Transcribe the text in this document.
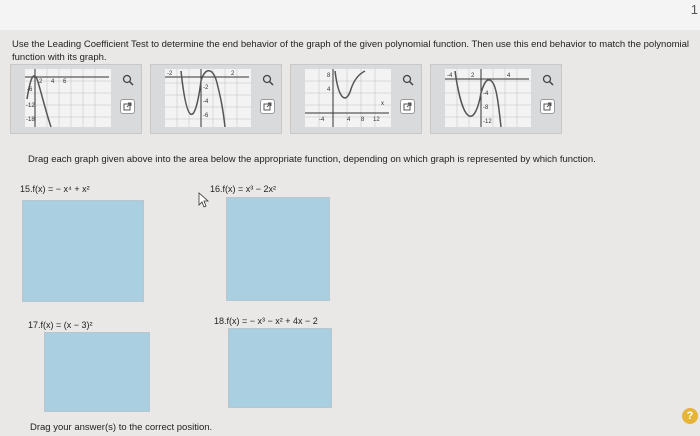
1
Use the Leading Coefficient Test to determine the end behavior of the graph of the given polynomial function. Then use this end behavior to match the polynomial function with its graph.
2 4 6
-6
-12
-18
-2	2
-2
-4
-6
8
4
-4	4 8 12
x
-4	2	4
-4
-8
-12
Drag each graph given above into the area below the appropriate function, depending on which graph is represented by which function.
15.f(x) = − x⁴ + x²	16.f(x) = x³ − 2x²
17.f(x) = (x − 3)²	18.f(x) = − x³ − x² + 4x − 2
Drag your answer(s) to the correct position.
?
